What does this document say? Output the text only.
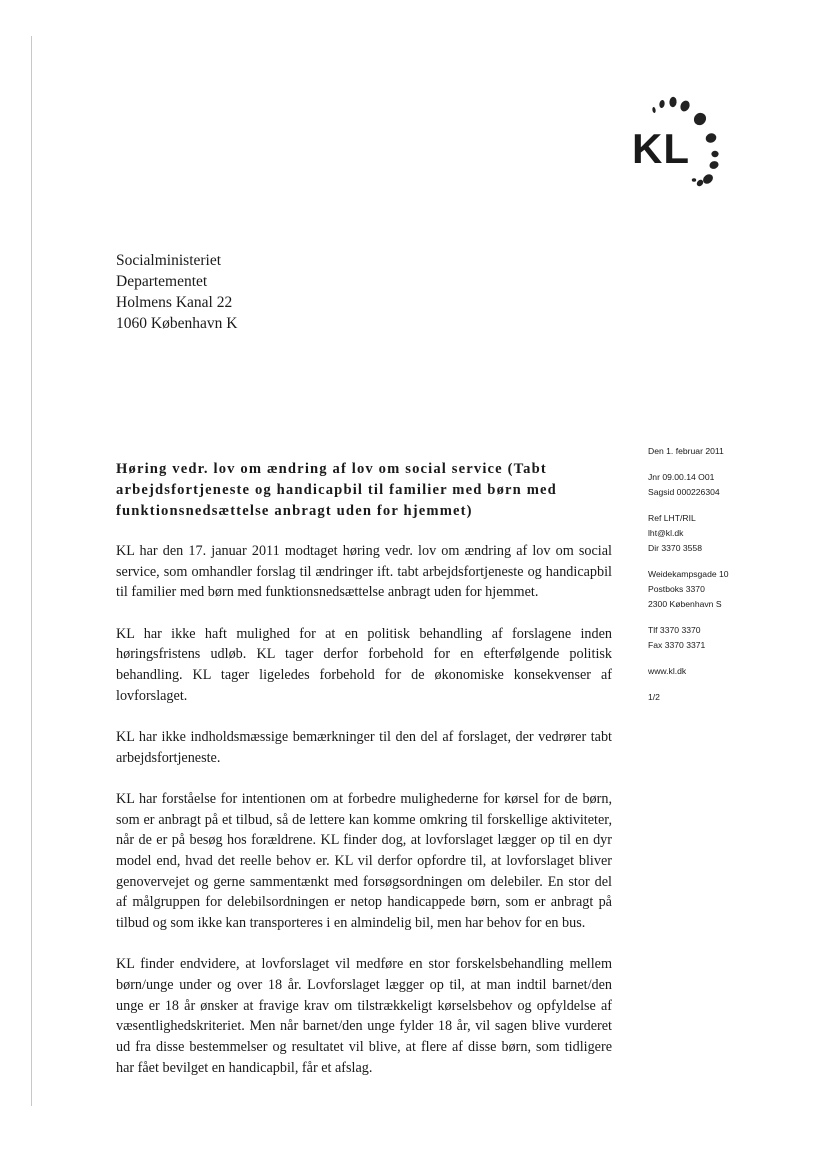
KL
Socialministeriet
Departementet
Holmens Kanal 22
1060 København K
Den 1. februar 2011
Jnr 09.00.14 O01
Sagsid 000226304
Ref LHT/RIL
lht@kl.dk
Dir 3370 3558
Weidekampsgade 10
Postboks 3370
2300 København S
Tlf 3370 3370
Fax 3370 3371
www.kl.dk
1/2
Høring vedr. lov om ændring af lov om social service (Tabt arbejdsfortjeneste og handicapbil til familier med børn med funktionsnedsættelse anbragt uden for hjemmet)

KL har den 17. januar 2011 modtaget høring vedr. lov om ændring af lov om social service, som omhandler forslag til ændringer ift. tabt arbejdsfortjeneste og handicapbil til familier med børn med funktionsnedsættelse anbragt uden for hjemmet.

KL har ikke haft mulighed for at en politisk behandling af forslagene inden høringsfristens udløb. KL tager derfor forbehold for en efterfølgende politisk behandling. KL tager ligeledes forbehold for de økonomiske konsekvenser af lovforslaget.

KL har ikke indholdsmæssige bemærkninger til den del af forslaget, der vedrører tabt arbejdsfortjeneste.

KL har forståelse for intentionen om at forbedre mulighederne for kørsel for de børn, som er anbragt på et tilbud, så de lettere kan komme omkring til forskellige aktiviteter, når de er på besøg hos forældrene. KL finder dog, at lovforslaget lægger op til en dyr model end, hvad det reelle behov er. KL vil derfor opfordre til, at lovforslaget bliver genovervejet og gerne sammentænkt med forsøgsordningen om delebiler. En stor del af målgruppen for delebilsordningen er netop handicappede børn, som er anbragt på tilbud og som ikke kan transporteres i en almindelig bil, men har behov for en bus.

KL finder endvidere, at lovforslaget vil medføre en stor forskelsbehandling mellem børn/unge under og over 18 år. Lovforslaget lægger op til, at man indtil barnet/den unge er 18 år ønsker at fravige krav om tilstrækkeligt kørselsbehov og opfyldelse af væsentlighedskriteriet. Men når barnet/den unge fylder 18 år, vil sagen blive vurderet ud fra disse bestemmelser og resultatet vil blive, at flere af disse børn, som tidligere har fået bevilget en handicapbil, får et afslag.
